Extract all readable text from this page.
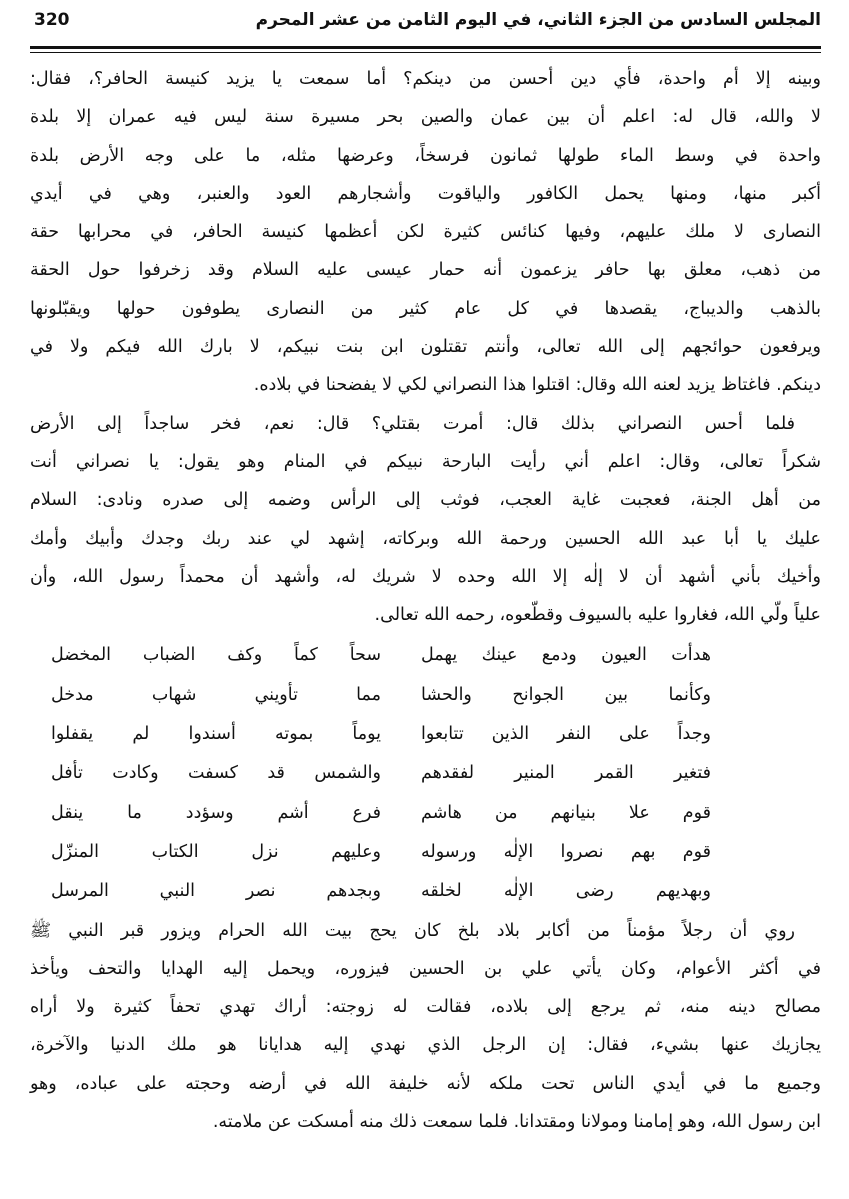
المجلس السادس من الجزء الثاني، في اليوم الثامن من عشر المحرم
320
وبينه إلا أم واحدة، فأي دين أحسن من دينكم؟ أما سمعت يا يزيد كنيسة الحافر؟، فقال:
لا والله، قال له: اعلم أن بين عمان والصين بحر مسيرة سنة ليس فيه عمران إلا بلدة
واحدة في وسط الماء طولها ثمانون فرسخاً، وعرضها مثله، ما على وجه الأرض بلدة
أكبر منها، ومنها يحمل الكافور والياقوت وأشجارهم العود والعنبر، وهي في أيدي
النصارى لا ملك عليهم، وفيها كنائس كثيرة لكن أعظمها كنيسة الحافر، في محرابها حقة
من ذهب، معلق بها حافر يزعمون أنه حمار عيسى عليه السلام وقد زخرفوا حول الحقة
بالذهب والديباج، يقصدها في كل عام كثير من النصارى يطوفون حولها ويقبّلونها
ويرفعون حوائجهم إلى الله تعالى، وأنتم تقتلون ابن بنت نبيكم، لا بارك الله فيكم ولا في
دينكم. فاغتاظ يزيد لعنه الله وقال: اقتلوا هذا النصراني لكي لا يفضحنا في بلاده.
فلما أحس النصراني بذلك قال: أمرت بقتلي؟ قال: نعم، فخر ساجداً إلى الأرض
شكراً تعالى، وقال: اعلم أني رأيت البارحة نبيكم في المنام وهو يقول: يا نصراني أنت
من أهل الجنة، فعجبت غاية العجب، فوثب إلى الرأس وضمه إلى صدره ونادى: السلام
عليك يا أبا عبد الله الحسين ورحمة الله وبركاته، إشهد لي عند ربك وجدك وأبيك وأمك
وأخيك بأني أشهد أن لا إلٰه إلا الله وحده لا شريك له، وأشهد أن محمداً رسول الله، وأن
علياً ولّي الله، فغاروا عليه بالسيوف وقطّعوه، رحمه الله تعالى.
هدأت العيون ودمع عينك يهمل
سحاً كماً وكف الضباب المخضل
وكأنما بين الجوانح والحشا
مما تأويني شهاب مدخل
وجداً على النفر الذين تتابعوا
يوماً بموته أسندوا لم يقفلوا
فتغير القمر المنير لفقدهم
والشمس قد كسفت وكادت تأفل
قوم علا بنيانهم من هاشم
فرع أشم وسؤدد ما ينقل
قوم بهم نصروا الإلٰه ورسوله
وعليهم نزل الكتاب المنزّل
وبهديهم رضى الإلٰه لخلقه
وبجدهم نصر النبي المرسل
روي أن رجلاً مؤمناً من أكابر بلاد بلخ كان يحج بيت الله الحرام ويزور قبر النبي ﷺ
في أكثر الأعوام، وكان يأتي علي بن الحسين فيزوره، ويحمل إليه الهدايا والتحف ويأخذ
مصالح دينه منه، ثم يرجع إلى بلاده، فقالت له زوجته: أراك تهدي تحفاً كثيرة ولا أراه
يجازيك عنها بشيء، فقال: إن الرجل الذي نهدي إليه هدايانا هو ملك الدنيا والآخرة،
وجميع ما في أيدي الناس تحت ملكه لأنه خليفة الله في أرضه وحجته على عباده، وهو
ابن رسول الله، وهو إمامنا ومولانا ومقتدانا. فلما سمعت ذلك منه أمسكت عن ملامته.
